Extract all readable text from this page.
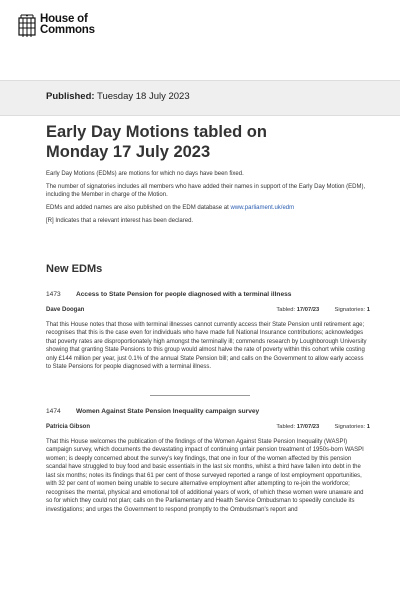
House of
Commons
Published: Tuesday 18 July 2023
Early Day Motions tabled on
Monday 17 July 2023

Early Day Motions (EDMs) are motions for which no days have been fixed.

The number of signatories includes all members who have added their names in support of the Early Day Motion (EDM), including the Member in charge of the Motion.

EDMs and added names are also published on the EDM database at www.parliament.uk/edm

[R] Indicates that a relevant interest has been declared.

New EDMs
1473	Access to State Pension for people diagnosed with a terminal illness
Tabled: 17/07/23	Signatories: 1
Dave Doogan
That this House notes that those with terminal illnesses cannot currently access their State Pension until retirement age; recognises that this is the case even for individuals who have made full National Insurance contributions; acknowledges that poverty rates are disproportionately high amongst the terminally ill; commends research by Loughborough University showing that granting State Pensions to this group would almost halve the rate of poverty within this cohort while costing only £144 million per year, just 0.1% of the annual State Pension bill; and calls on the Government to allow early access to State Pensions for people diagnosed with a terminal illness.
1474	Women Against State Pension Inequality campaign survey
Tabled: 17/07/23	Signatories: 1
Patricia Gibson
That this House welcomes the publication of the findings of the Women Against State Pension Inequality (WASPI) campaign survey, which documents the devastating impact of continuing unfair pension treatment of 1950s-born WASPI women; is deeply concerned about the survey's key findings, that one in four of the women affected by this pension scandal have struggled to buy food and basic essentials in the last six months, whilst a third have fallen into debt in the last six months; notes its findings that 61 per cent of those surveyed reported a range of lost employment opportunities, with 32 per cent of women being unable to secure alternative employment after attempting to re-join the workforce; recognises the mental, physical and emotional toll of additional years of work, of which these women were unaware and so for which they could not plan; calls on the Parliamentary and Health Service Ombudsman to speedily conclude its investigations; and urges the Government to respond promptly to the Ombudsman's report and
